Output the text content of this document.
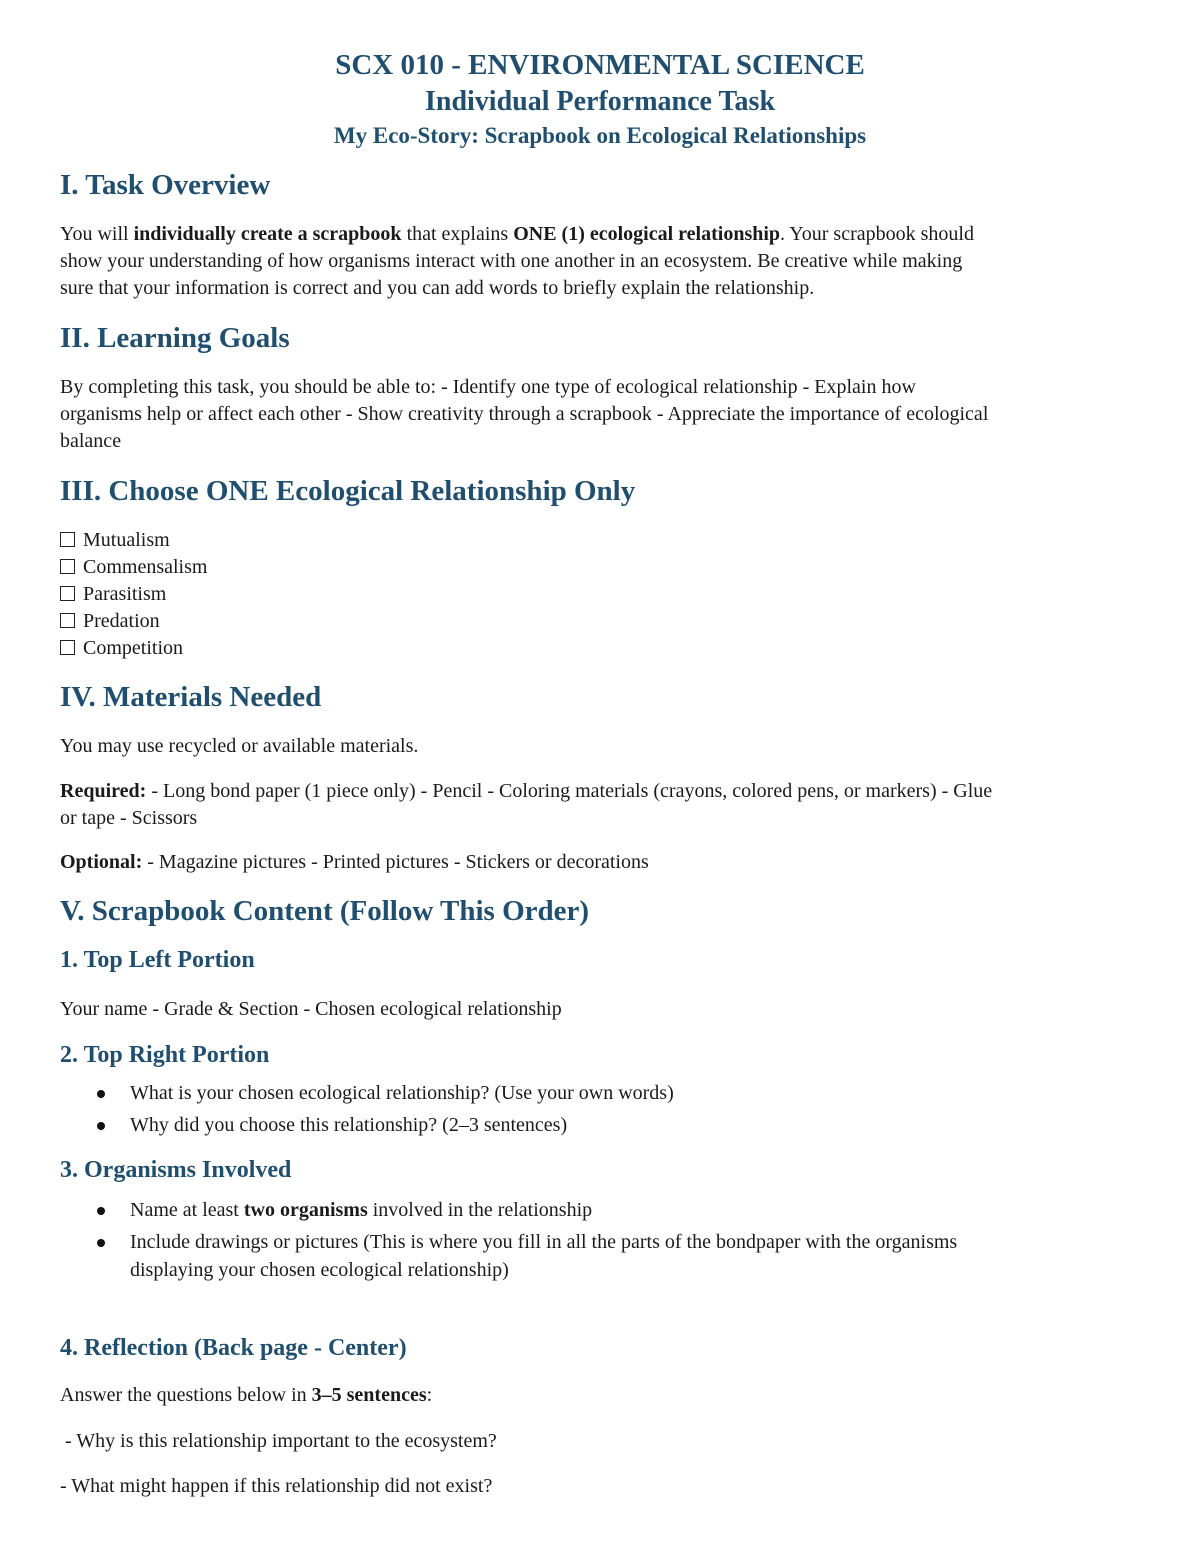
SCX 010 - ENVIRONMENTAL SCIENCE

Individual Performance Task

My Eco-Story: Scrapbook on Ecological Relationships

I. Task Overview

You will individually create a scrapbook that explains ONE (1) ecological relationship. Your scrapbook should

show your understanding of how organisms interact with one another in an ecosystem. Be creative while making

sure that your information is correct and you can add words to briefly explain the relationship.

II. Learning Goals

By completing this task, you should be able to: - Identify one type of ecological relationship - Explain how

organisms help or affect each other - Show creativity through a scrapbook - Appreciate the importance of ecological

balance

III. Choose ONE Ecological Relationship Only

Mutualism

Commensalism

Parasitism

Predation

Competition

IV. Materials Needed

You may use recycled or available materials.

Required: - Long bond paper (1 piece only) - Pencil - Coloring materials (crayons, colored pens, or markers) - Glue

or tape - Scissors

Optional: - Magazine pictures - Printed pictures - Stickers or decorations

V. Scrapbook Content (Follow This Order)

1. Top Left Portion

Your name - Grade & Section - Chosen ecological relationship

2. Top Right Portion

What is your chosen ecological relationship? (Use your own words)

Why did you choose this relationship? (2–3 sentences)

3. Organisms Involved

Name at least two organisms involved in the relationship

Include drawings or pictures (This is where you fill in all the parts of the bondpaper with the organisms

displaying your chosen ecological relationship)

4. Reflection (Back page - Center)

Answer the questions below in 3–5 sentences:

- Why is this relationship important to the ecosystem?

- What might happen if this relationship did not exist?
